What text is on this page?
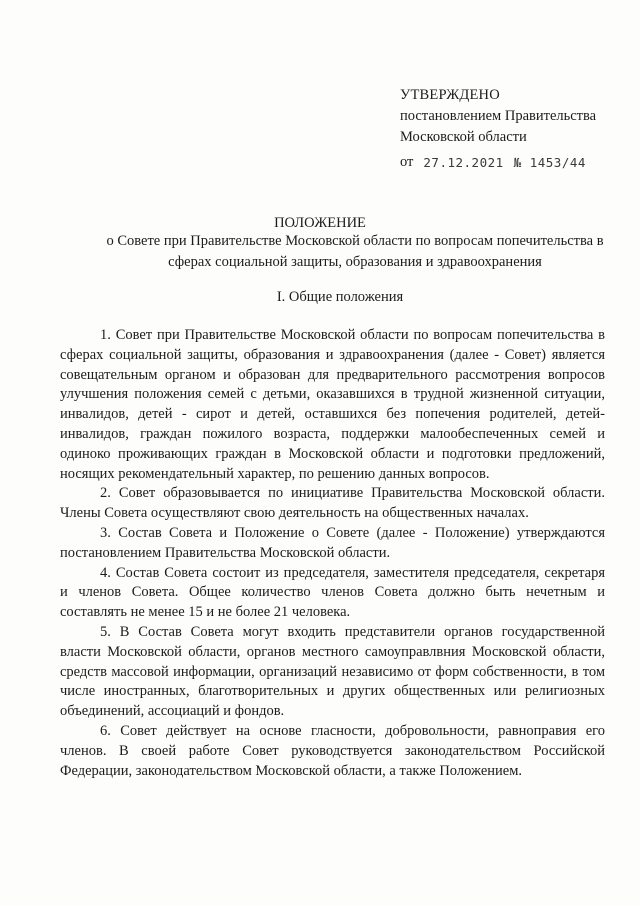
УТВЕРЖДЕНО
постановлением Правительства
Московской области
от 27.12.2021 № 1453/44
ПОЛОЖЕНИЕ
о Совете при Правительстве Московской области по вопросам попечительства в сферах социальной защиты, образования и здравоохранения
I. Общие положения

1. Совет при Правительстве Московской области по вопросам попечительства в сферах социальной защиты, образования и здравоохранения (далее - Совет) является совещательным органом и образован для предварительного рассмотрения вопросов улучшения положения семей с детьми, оказавшихся в трудной жизненной ситуации, инвалидов, детей - сирот и детей, оставшихся без попечения родителей, детей-инвалидов, граждан пожилого возраста, поддержки малообеспеченных семей и одиноко проживающих граждан в Московской области и подготовки предложений, носящих рекомендательный характер, по решению данных вопросов.

2. Совет образовывается по инициативе Правительства Московской области. Члены Совета осуществляют свою деятельность на общественных началах.

3. Состав Совета и Положение о Совете (далее - Положение) утверждаются постановлением Правительства Московской области.

4. Состав Совета состоит из председателя, заместителя председателя, секретаря и членов Совета. Общее количество членов Совета должно быть нечетным и составлять не менее 15 и не более 21 человека.

5. В Состав Совета могут входить представители органов государственной власти Московской области, органов местного самоуправлвния Московской области, средств массовой информации, организаций независимо от форм собственности, в том числе иностранных, благотворительных и других общественных или религиозных объединений, ассоциаций и фондов.

6. Совет действует на основе гласности, добровольности, равноправия его членов. В своей работе Совет руководствуется законодательством Российской Федерации, законодательством Московской области, а также Положением.
